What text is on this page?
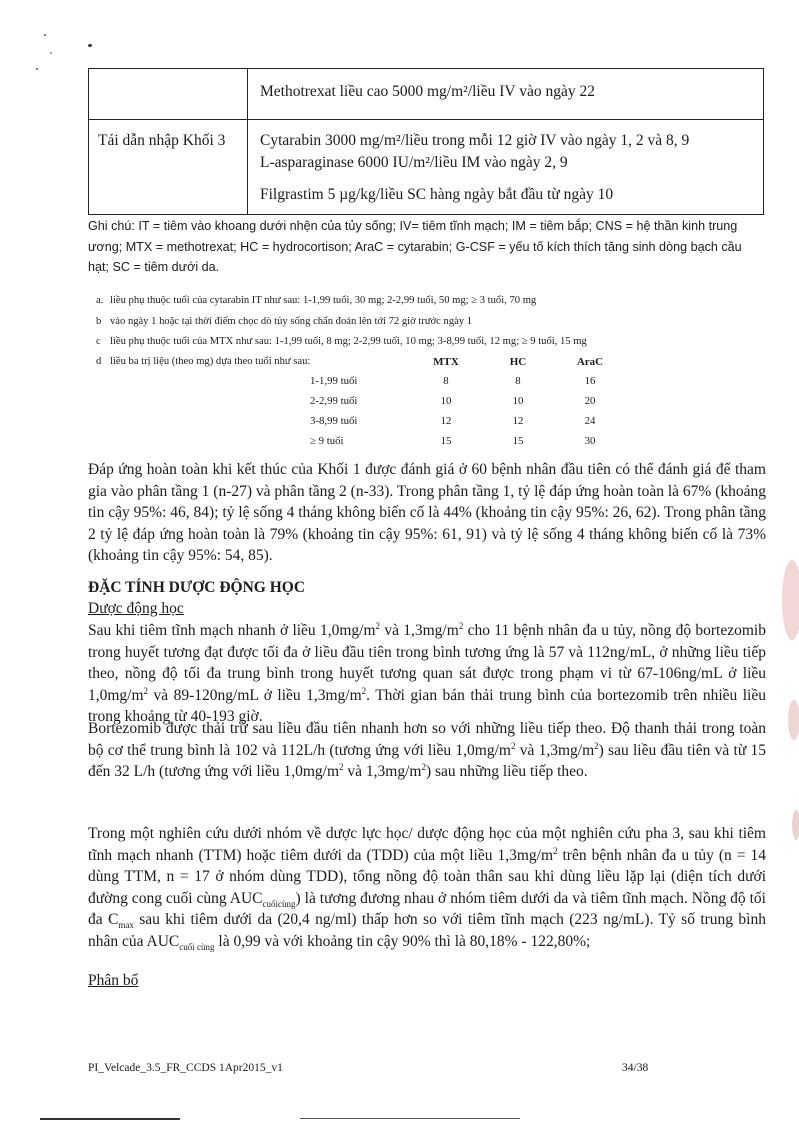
	Methotrexat liều cao 5000 mg/m²/liều IV vào ngày 22
Tái dẫn nhập Khối 3	Cytarabin 3000 mg/m²/liều trong mỗi 12 giờ IV vào ngày 1, 2 và 8, 9
L-asparaginase 6000 IU/m²/liều IM vào ngày 2, 9
Filgrastim 5 µg/kg/liều SC hàng ngày bắt đầu từ ngày 10
Ghi chú: IT = tiêm vào khoang dưới nhện của tủy sống; IV= tiêm tĩnh mạch; IM = tiêm bắp; CNS = hệ thần kinh trung ương; MTX = methotrexat; HC = hydrocortison; AraC = cytarabin; G-CSF = yếu tố kích thích tăng sinh dòng bạch cầu hạt; SC = tiêm dưới da.
a. liều phụ thuộc tuổi của cytarabin IT như sau: 1-1,99 tuổi, 30 mg; 2-2,99 tuổi, 50 mg; ≥ 3 tuổi, 70 mg
b vào ngày 1 hoặc tại thời điểm chọc dò tủy sống chẩn đoán lên tới 72 giờ trước ngày 1
c liều phụ thuộc tuổi của MTX như sau: 1-1,99 tuổi, 8 mg; 2-2,99 tuổi, 10 mg; 3-8,99 tuổi, 12 mg; ≥ 9 tuổi, 15 mg
d liều ba trị liệu (theo mg) dựa theo tuổi như sau:
		MTX	HC	AraC
1-1,99 tuổi	8	8	16
2-2,99 tuổi	10	10	20
3-8,99 tuổi	12	12	24
≥ 9 tuổi	15	15	30
Đáp ứng hoàn toàn khi kết thúc của Khối 1 được đánh giá ở 60 bệnh nhân đầu tiên có thể đánh giá để tham gia vào phân tầng 1 (n-27) và phân tầng 2 (n-33). Trong phân tầng 1, tỷ lệ đáp ứng hoàn toàn là 67% (khoảng tin cậy 95%: 46, 84); tỷ lệ sống 4 tháng không biến cố là 44% (khoảng tin cậy 95%: 26, 62). Trong phân tầng 2 tỷ lệ đáp ứng hoàn toàn là 79% (khoảng tin cậy 95%: 61, 91) và tỷ lệ sống 4 tháng không biến cố là 73% (khoảng tin cậy 95%: 54, 85).
ĐẶC TÍNH DƯỢC ĐỘNG HỌC
Dược động học
Sau khi tiêm tĩnh mạch nhanh ở liều $1,0mg/m^2$ và $1,3mg/m^2$ cho 11 bệnh nhân đa u tủy, nồng độ bortezomib trong huyết tương đạt được tối đa ở liều đầu tiên trong bình tương ứng là 57 và 112ng/mL, ở những liều tiếp theo, nồng độ tối đa trung bình trong huyết tương quan sát được trong phạm vi từ 67-106ng/mL ở liều $1,0mg/m^2$ và 89-120ng/mL ở liều $1,3mg/m^2$. Thời gian bán thải trung bình của bortezomib trên nhiều liều trong khoảng từ 40-193 giờ.
Bortezomib được thải trừ sau liều đầu tiên nhanh hơn so với những liều tiếp theo. Độ thanh thải trong toàn bộ cơ thể trung bình là 102 và 112L/h (tương ứng với liều $1,0mg/m^2$ và $1,3mg/m^2$) sau liều đầu tiên và từ 15 đến 32 L/h (tương ứng với liều $1,0mg/m^2$ và $1,3mg/m^2$) sau những liều tiếp theo.
Trong một nghiên cứu dưới nhóm về dược lực học/ dược động học của một nghiên cứu pha 3, sau khi tiêm tĩnh mạch nhanh (TTM) hoặc tiêm dưới da (TDD) của một liều $1,3mg/m^2$ trên bệnh nhân đa u tủy (n = 14 dùng TTM, n = 17 ở nhóm dùng TDD), tổng nồng độ toàn thân sau khi dùng liều lặp lại (diện tích dưới đường cong cuối cùng $AUC_{cuốicùng}$) là tương đương nhau ở nhóm tiêm dưới da và tiêm tĩnh mạch. Nồng độ tối đa $C_{max}$ sau khi tiêm dưới da (20,4 ng/ml) thấp hơn so với tiêm tĩnh mạch (223 ng/mL). Tỷ số trung bình nhân của $AUC_{cuối cùng}$ là 0,99 và với khoảng tin cậy 90% thì là 80,18% - 122,80%;
Phân bố
PI_Velcade_3.5_FR_CCDS 1Apr2015_v1	34/38
